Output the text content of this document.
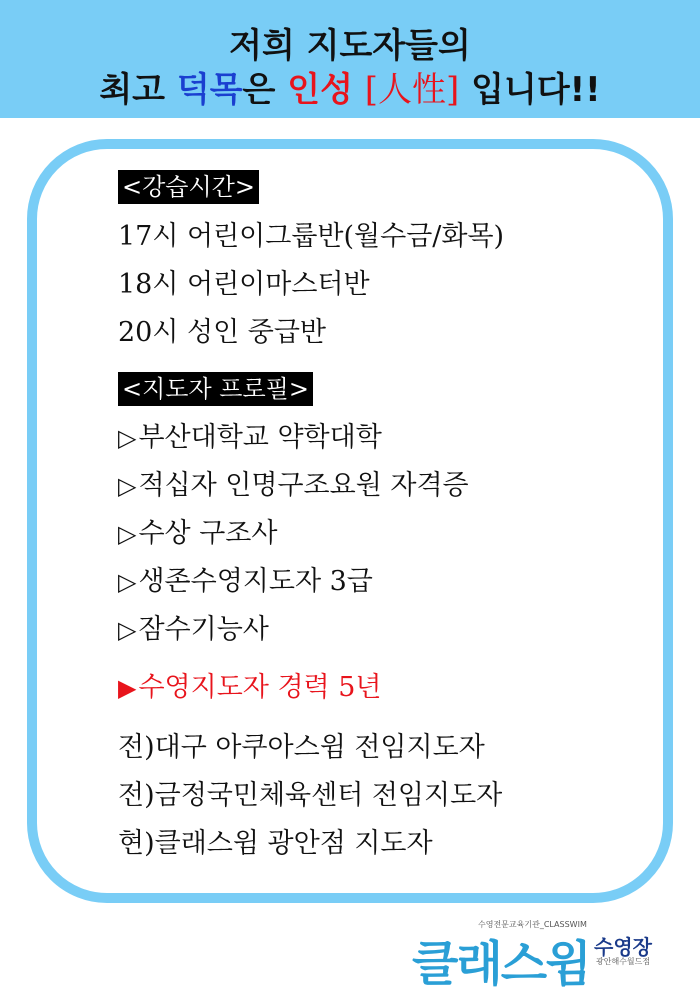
저희 지도자들의
최고 덕목은 인성 [人性] 입니다!!
<강습시간>
17시 어린이그룹반(월수금/화목)
18시 어린이마스터반
20시 성인 중급반
<지도자 프로필>
▷부산대학교 약학대학
▷적십자 인명구조요원 자격증
▷수상 구조사
▷생존수영지도자 3급
▷잠수기능사
▶수영지도자 경력 5년
전)대구 아쿠아스윔 전임지도자
전)금정국민체육센터 전임지도자
현)클래스윔 광안점 지도자
수영전문교육기관_CLASSWIM
클래스윔 수영장
광안해수월드점
